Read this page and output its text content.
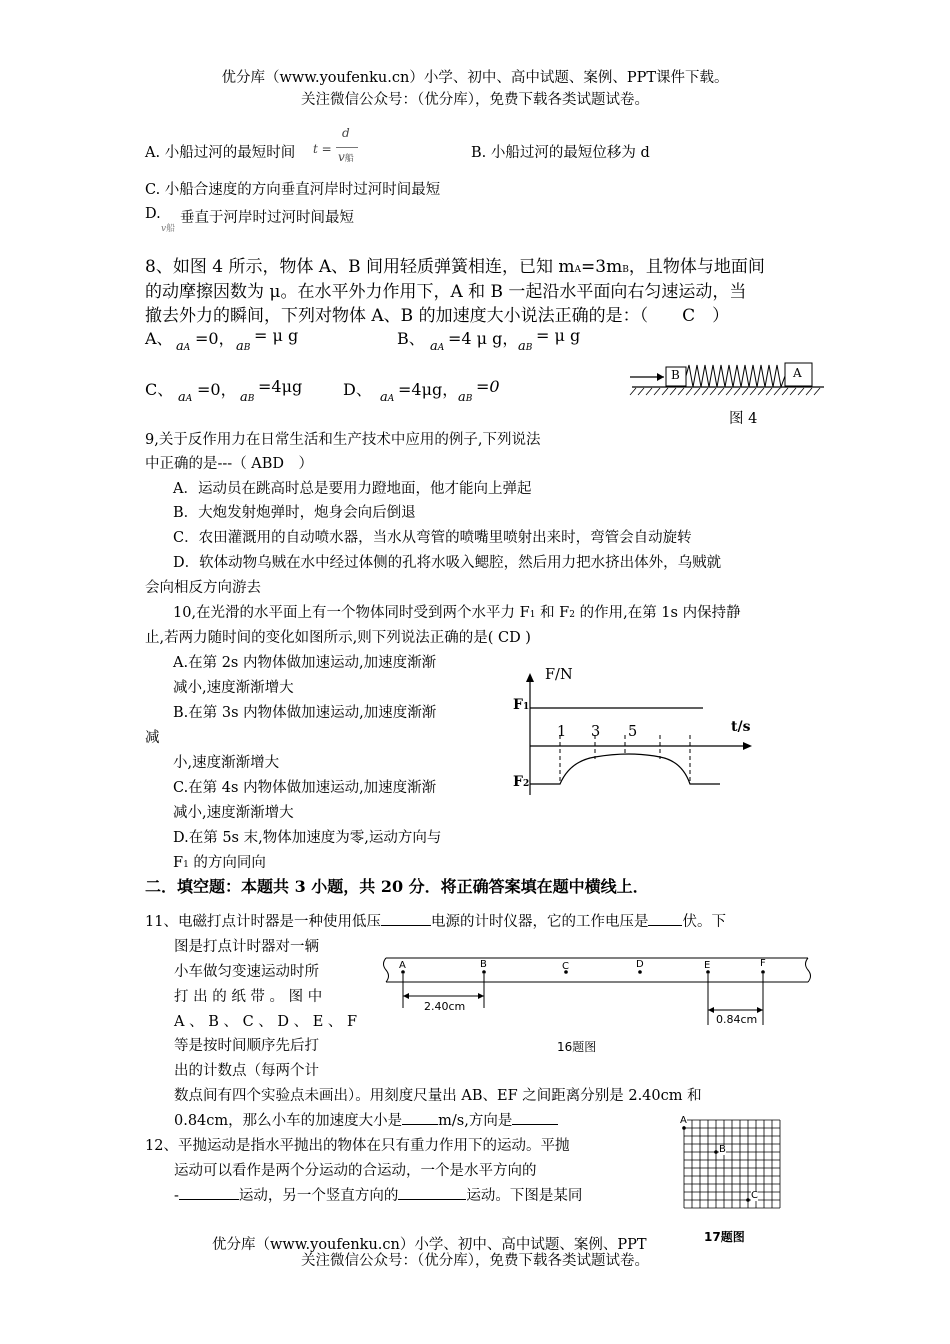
优分库（www.youfenku.cn）小学、初中、高中试题、案例、PPT课件下载。
关注微信公众号：（优分库），免费下载各类试题试卷。
A. 小船过河的最短时间 t =
d
v船	B. 小船过河的最短位移为 d
C. 小船合速度的方向垂直河岸时过河时间最短
D. 垂直于河岸时过河时间最短
v船
8、如图 4 所示，物体 A、B 间用轻质弹簧相连，已知 mA=3mB，且物体与地面间
的动摩擦因数为 μ。在水平外力作用下，A 和 B 一起沿水平面向右匀速运动，当
撤去外力的瞬间，下列对物体 A、B 的加速度大小说法正确的是：（　　C　）
A、 aA =0， aB
= μ g	B、 aA =4 μ g， aB
= μ g
C、 aA =0， aB
=4μg	D、 aA =4μg， aB
=0
B	A
图 4
9,关于反作用力在日常生活和生产技术中应用的例子,下列说法
中正确的是---（ ABD　）
A．运动员在跳高时总是要用力蹬地面，他才能向上弹起
B．大炮发射炮弹时，炮身会向后倒退
C．农田灌溉用的自动喷水器，当水从弯管的喷嘴里喷射出来时，弯管会自动旋转
D．软体动物乌贼在水中经过体侧的孔将水吸入鳃腔，然后用力把水挤出体外，乌贼就
会向相反方向游去
10,在光滑的水平面上有一个物体同时受到两个水平力 F1 和 F2 的作用,在第 1s 内保持静
止,若两力随时间的变化如图所示,则下列说法正确的是( CD )
A.在第 2s 内物体做加速运动,加速度渐渐
减小,速度渐渐增大
B.在第 3s 内物体做加速运动,加速度渐渐
减
小,速度渐渐增大
C.在第 4s 内物体做加速运动,加速度渐渐
减小,速度渐渐增大
D.在第 5s 末,物体加速度为零,运动方向与
F1 的方向同向
F/N
t/s
F1
F2
1 3 5
二．填空题：本题共 3 小题，共 20 分．将正确答案填在题中横线上．
11、电磁打点计时器是一种使用低压	电源的计时仪器，它的工作电压是 伏。下
图是打点计时器对一辆
小车做匀变速运动时所
打 出 的 纸 带 。 图 中
A 、 B 、 C 、 D 、 E 、 F
等是按时间顺序先后打
出的计数点（每两个计
数点间有四个实验点未画出）。用刻度尺量出 AB、EF 之间距离分别是 2.40cm 和
0.84cm，那么小车的加速度大小是 m/s,方向是
A	B	C	D	E	F
2.40cm
0.84cm
16题图
12、平抛运动是指水平抛出的物体在只有重力作用下的运动。平抛
运动可以看作是两个分运动的合运动，一个是水平方向的
-	运动，另一个竖直方向的	运动。下图是某同
A
B
C
17题图
优分库（www.youfenku.cn）小学、初中、高中试题、案例、PPT
关注微信公众号：（优分库），免费下载各类试题试卷。
